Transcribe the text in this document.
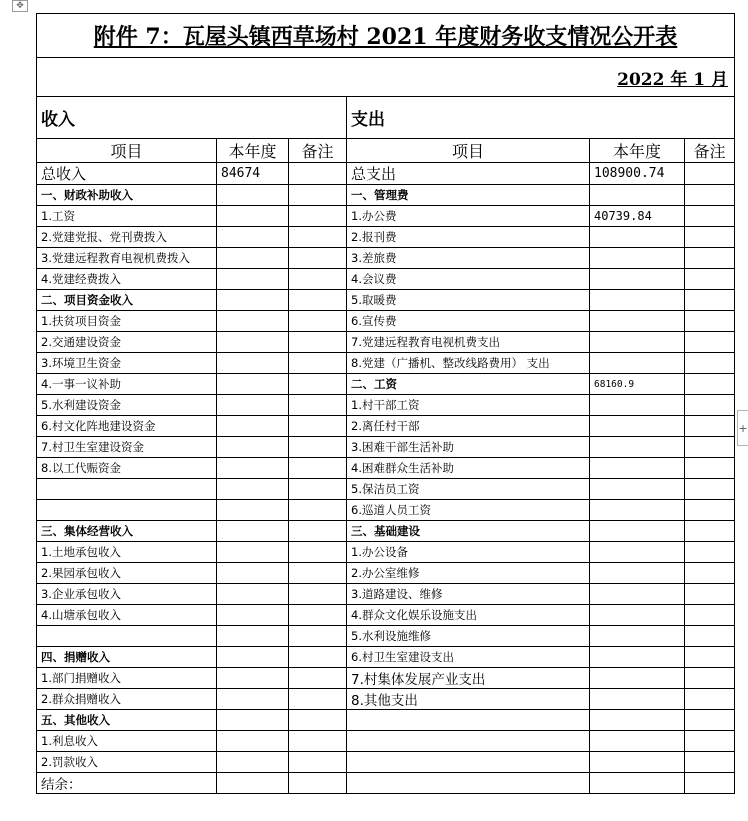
✥
+
附件 7：瓦屋头镇西草场村 2021 年度财务收支情况公开表					
2022 年 1 月					
收入			支出		
项目	本年度	备注	项目	本年度	备注
总收入	84674		总支出	108900.74	
一、财政补助收入			一、管理费		
1.工资			1.办公费	40739.84	
2.党建党报、党刊费拨入			2.报刊费		
3.党建远程教育电视机费拨入			3.差旅费		
4.党建经费拨入			4.会议费		
二、项目资金收入			5.取暖费		
1.扶贫项目资金			6.宣传费		
2.交通建设资金			7.党建远程教育电视机费支出		
3.环境卫生资金			8.党建（广播机、整改线路费用） 支出		
4.一事一议补助			二、工资	68160.9	
5.水利建设资金			1.村干部工资		
6.村文化阵地建设资金			2.离任村干部		
7.村卫生室建设资金			3.困难干部生活补助		
8.以工代赈资金			4.困难群众生活补助		
			5.保洁员工资		
			6.巡道人员工资		
三、集体经营收入			三、基础建设		
1.土地承包收入			1.办公设备		
2.果园承包收入			2.办公室维修		
3.企业承包收入			3.道路建设、维修		
4.山塘承包收入			4.群众文化娱乐设施支出		
			5.水利设施维修		
四、捐赠收入			6.村卫生室建设支出		
1.部门捐赠收入			7.村集体发展产业支出		
2.群众捐赠收入			8.其他支出		
五、其他收入					
1.利息收入					
2.罚款收入					
结余：					
